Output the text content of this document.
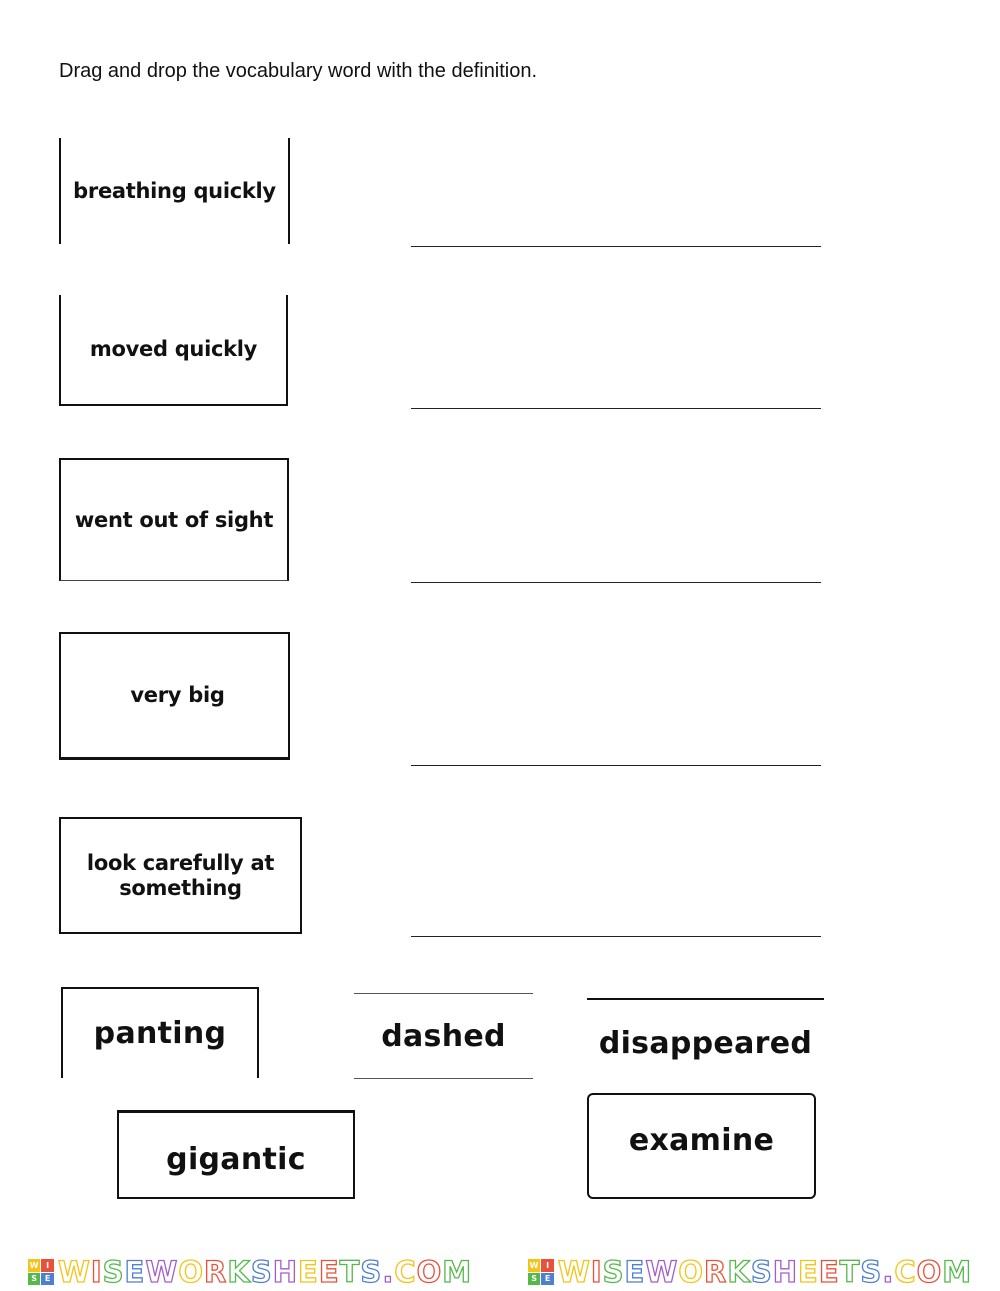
Drag and drop the vocabulary word with the definition.
breathing quickly
moved quickly
went out of sight
very big
look carefully at something
panting	dashed	disappeared
gigantic
examine
W I
S E WISEWORKSHEETS.COM	W I
S E WISEWORKSHEETS.COM
